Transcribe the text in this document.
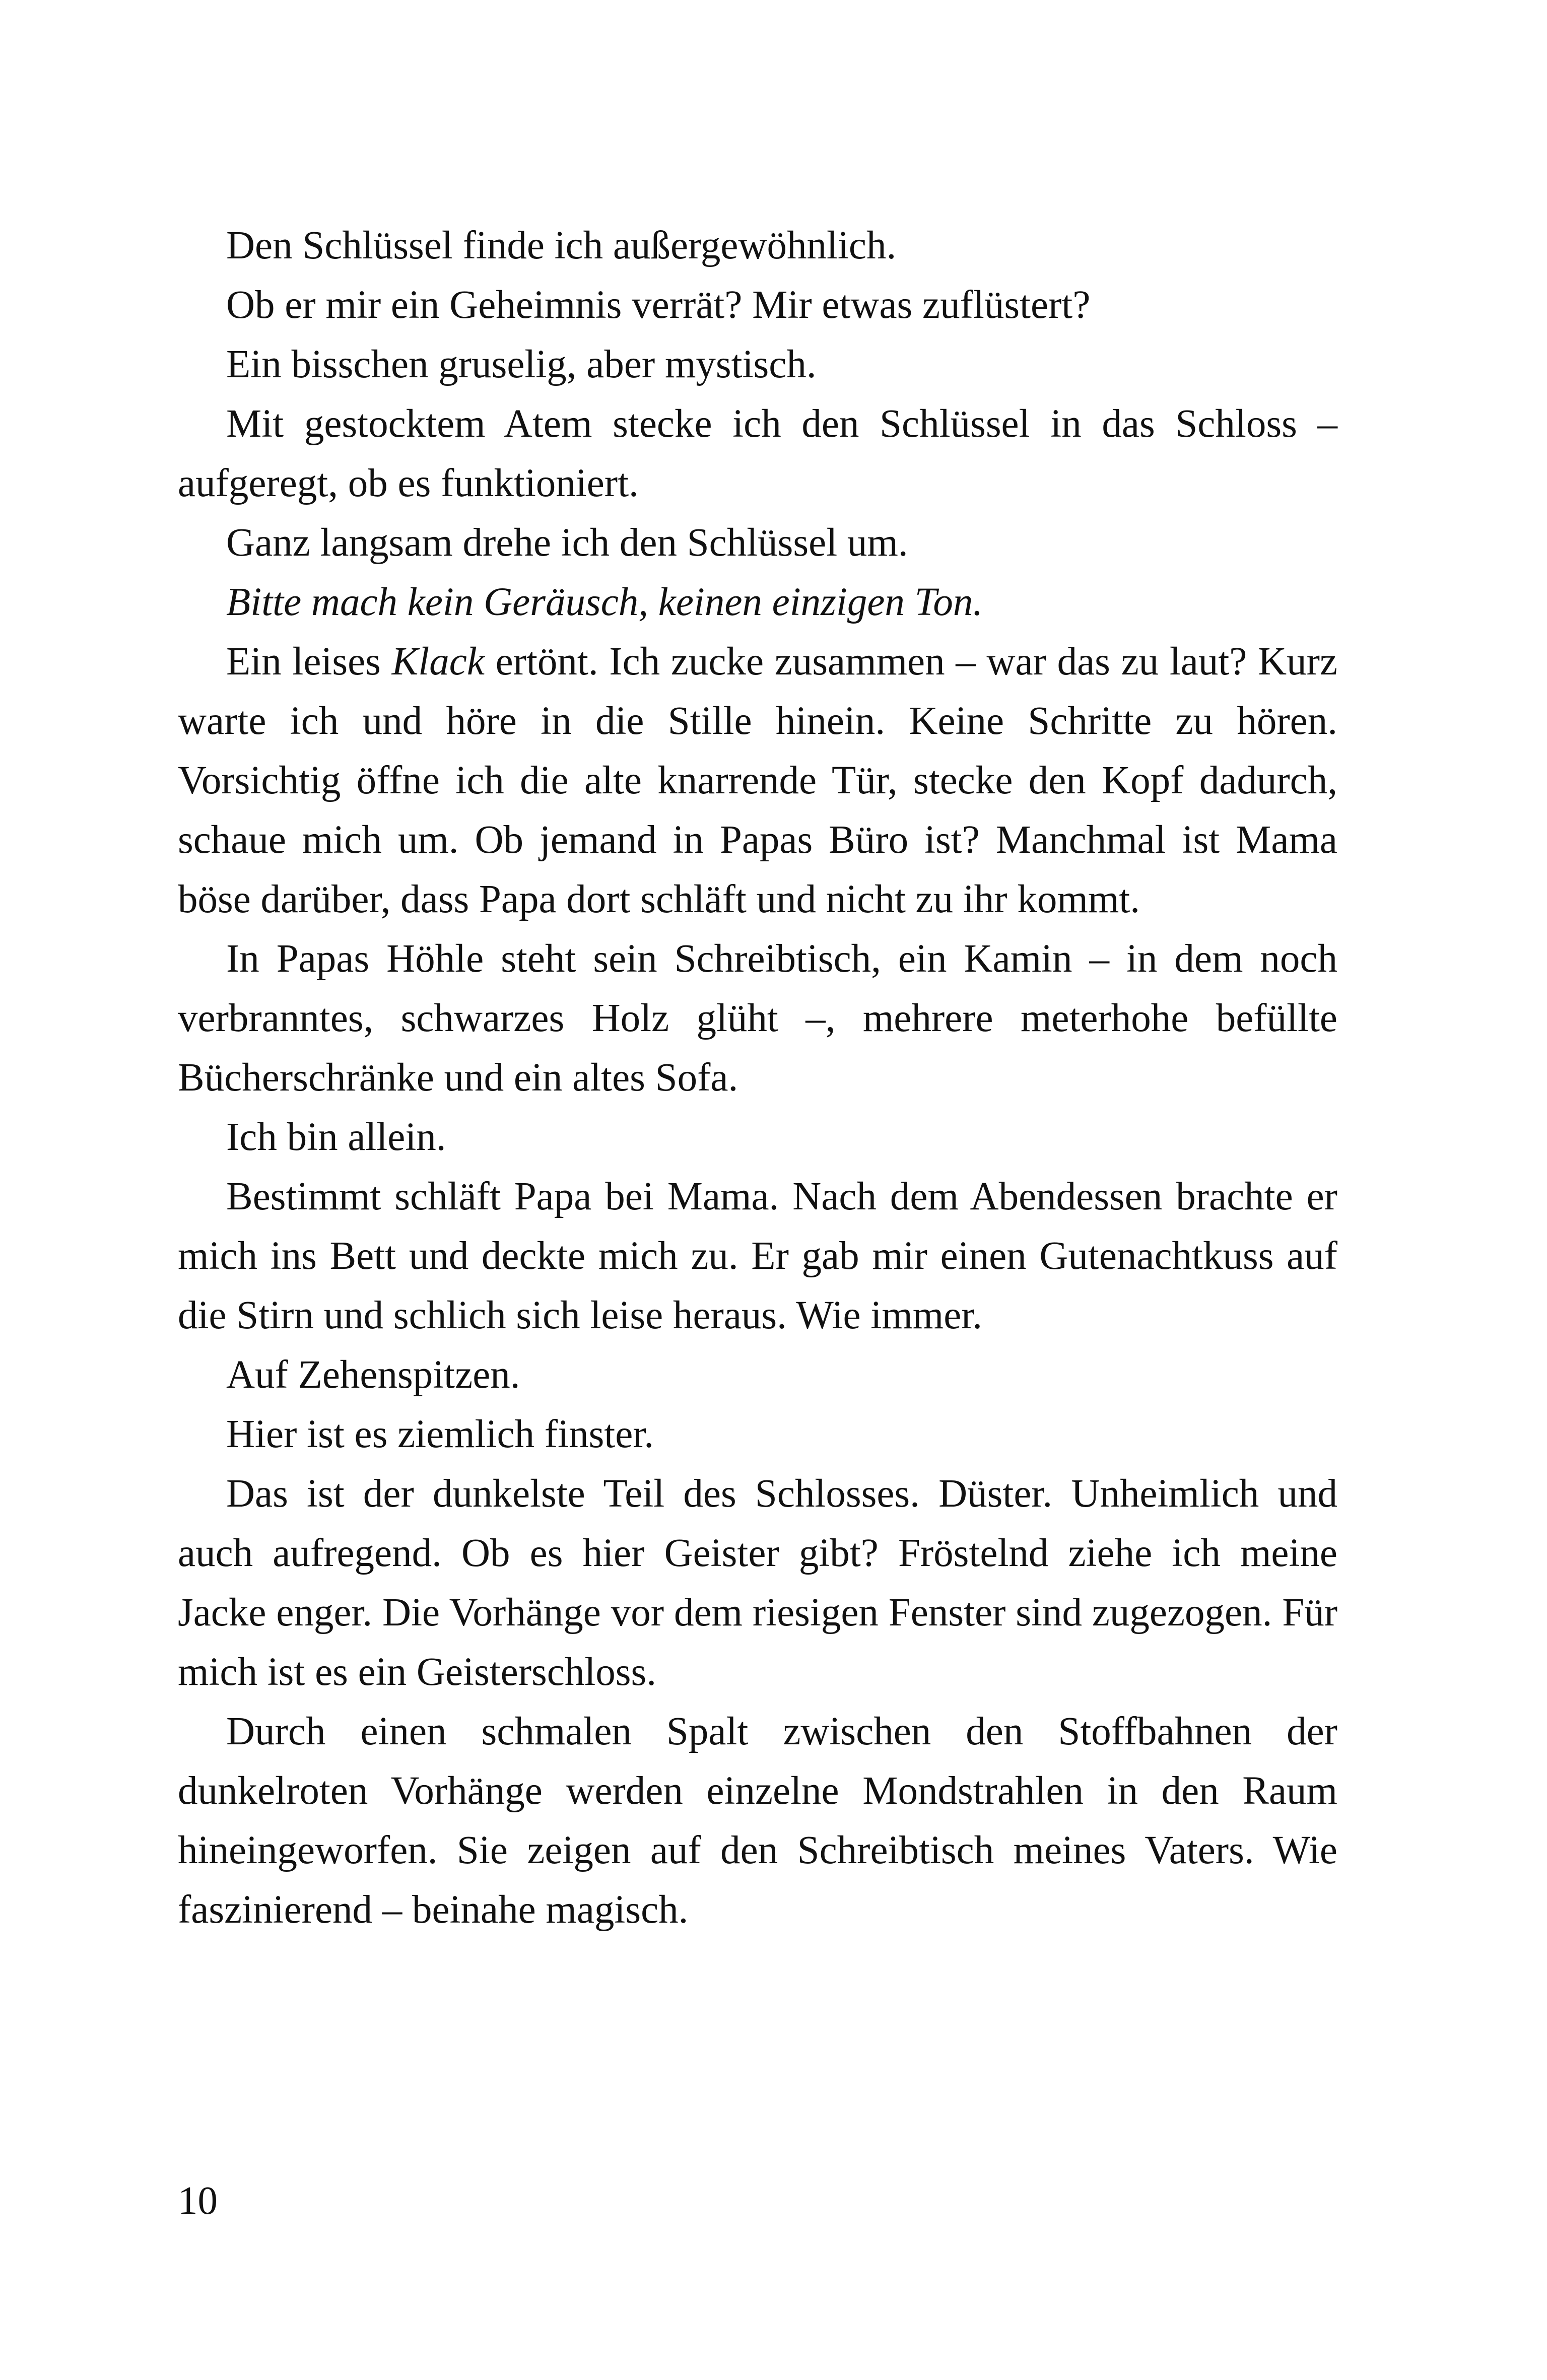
Den Schlüssel finde ich außergewöhnlich.

Ob er mir ein Geheimnis verrät? Mir etwas zuflüstert?

Ein bisschen gruselig, aber mystisch.

Mit gestocktem Atem stecke ich den Schlüssel in das Schloss – aufgeregt, ob es funktioniert.

Ganz langsam drehe ich den Schlüssel um.

Bitte mach kein Geräusch, keinen einzigen Ton.

Ein leises Klack ertönt. Ich zucke zusammen – war das zu laut? Kurz warte ich und höre in die Stille hinein. Keine Schritte zu hören. Vorsichtig öffne ich die alte knarrende Tür, stecke den Kopf dadurch, schaue mich um. Ob jemand in Papas Büro ist? Manchmal ist Mama böse darüber, dass Papa dort schläft und nicht zu ihr kommt.

In Papas Höhle steht sein Schreibtisch, ein Kamin – in dem noch verbranntes, schwarzes Holz glüht –, mehrere meterhohe befüllte Bücherschränke und ein altes Sofa.

Ich bin allein.

Bestimmt schläft Papa bei Mama. Nach dem Abendessen brachte er mich ins Bett und deckte mich zu. Er gab mir einen Gutenachtkuss auf die Stirn und schlich sich leise heraus. Wie immer.

Auf Zehenspitzen.

Hier ist es ziemlich finster.

Das ist der dunkelste Teil des Schlosses. Düster. Unheimlich und auch aufregend. Ob es hier Geister gibt? Fröstelnd ziehe ich meine Jacke enger. Die Vorhänge vor dem riesigen Fenster sind zugezogen. Für mich ist es ein Geisterschloss.

Durch einen schmalen Spalt zwischen den Stoffbahnen der dunkelroten Vorhänge werden einzelne Mondstrahlen in den Raum hineingeworfen. Sie zeigen auf den Schreibtisch meines Vaters. Wie faszinierend – beinahe magisch.

10
